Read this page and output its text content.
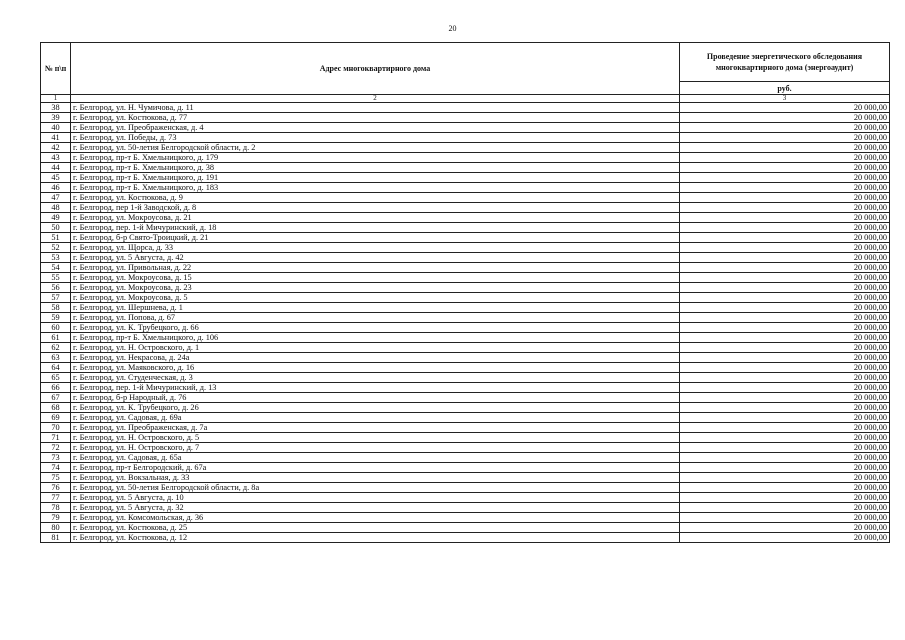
20
№ п\п	Адрес многоквартирного дома	Проведение энергетического обследования многоквартирного дома (энергоаудит)
		руб.
1	2	3
38	г. Белгород, ул. Н. Чумичова, д. 11	20 000,00
39	г. Белгород, ул. Костюкова, д. 77	20 000,00
40	г. Белгород, ул. Преображенская, д. 4	20 000,00
41	г. Белгород, ул. Победы, д. 73	20 000,00
42	г. Белгород, ул. 50-летия Белгородской области, д. 2	20 000,00
43	г. Белгород, пр-т Б. Хмельницкого, д. 179	20 000,00
44	г. Белгород, пр-т Б. Хмельницкого, д. 38	20 000,00
45	г. Белгород, пр-т Б. Хмельницкого, д. 191	20 000,00
46	г. Белгород, пр-т Б. Хмельницкого, д. 183	20 000,00
47	г. Белгород, ул. Костюкова, д. 9	20 000,00
48	г. Белгород, пер 1-й Заводской, д. 8	20 000,00
49	г. Белгород, ул. Мокроусова, д. 21	20 000,00
50	г. Белгород, пер. 1-й Мичуринский, д. 18	20 000,00
51	г. Белгород, б-р Свято-Троицкий, д. 21	20 000,00
52	г. Белгород, ул. Щорса, д. 33	20 000,00
53	г. Белгород, ул. 5 Августа, д. 42	20 000,00
54	г. Белгород, ул. Привольная, д. 22	20 000,00
55	г. Белгород, ул. Мокроусова, д. 15	20 000,00
56	г. Белгород, ул. Мокроусова, д. 23	20 000,00
57	г. Белгород, ул. Мокроусова, д. 5	20 000,00
58	г. Белгород, ул. Шершнева, д. 1	20 000,00
59	г. Белгород, ул. Попова, д. 67	20 000,00
60	г. Белгород, ул. К. Трубецкого, д. 66	20 000,00
61	г. Белгород, пр-т Б. Хмельницкого, д. 106	20 000,00
62	г. Белгород, ул. Н. Островского, д. 1	20 000,00
63	г. Белгород, ул. Некрасова, д. 24а	20 000,00
64	г. Белгород, ул. Маяковского, д. 16	20 000,00
65	г. Белгород, ул. Студенческая, д. 3	20 000,00
66	г. Белгород, пер. 1-й Мичуринский, д. 13	20 000,00
67	г. Белгород, б-р Народный, д. 76	20 000,00
68	г. Белгород, ул. К. Трубецкого, д. 26	20 000,00
69	г. Белгород, ул. Садовая, д. 69а	20 000,00
70	г. Белгород, ул. Преображенская, д. 7а	20 000,00
71	г. Белгород, ул. Н. Островского, д. 5	20 000,00
72	г. Белгород, ул. Н. Островского, д. 7	20 000,00
73	г. Белгород, ул. Садовая, д. 65а	20 000,00
74	г. Белгород, пр-т Белгородский, д. 67а	20 000,00
75	г. Белгород, ул. Вокзальная, д. 33	20 000,00
76	г. Белгород, ул. 50-летия Белгородской области, д. 8а	20 000,00
77	г. Белгород, ул. 5 Августа, д. 10	20 000,00
78	г. Белгород, ул. 5 Августа, д. 32	20 000,00
79	г. Белгород, ул. Комсомольская, д. 36	20 000,00
80	г. Белгород, ул. Костюкова, д. 25	20 000,00
81	г. Белгород, ул. Костюкова, д. 12	20 000,00
